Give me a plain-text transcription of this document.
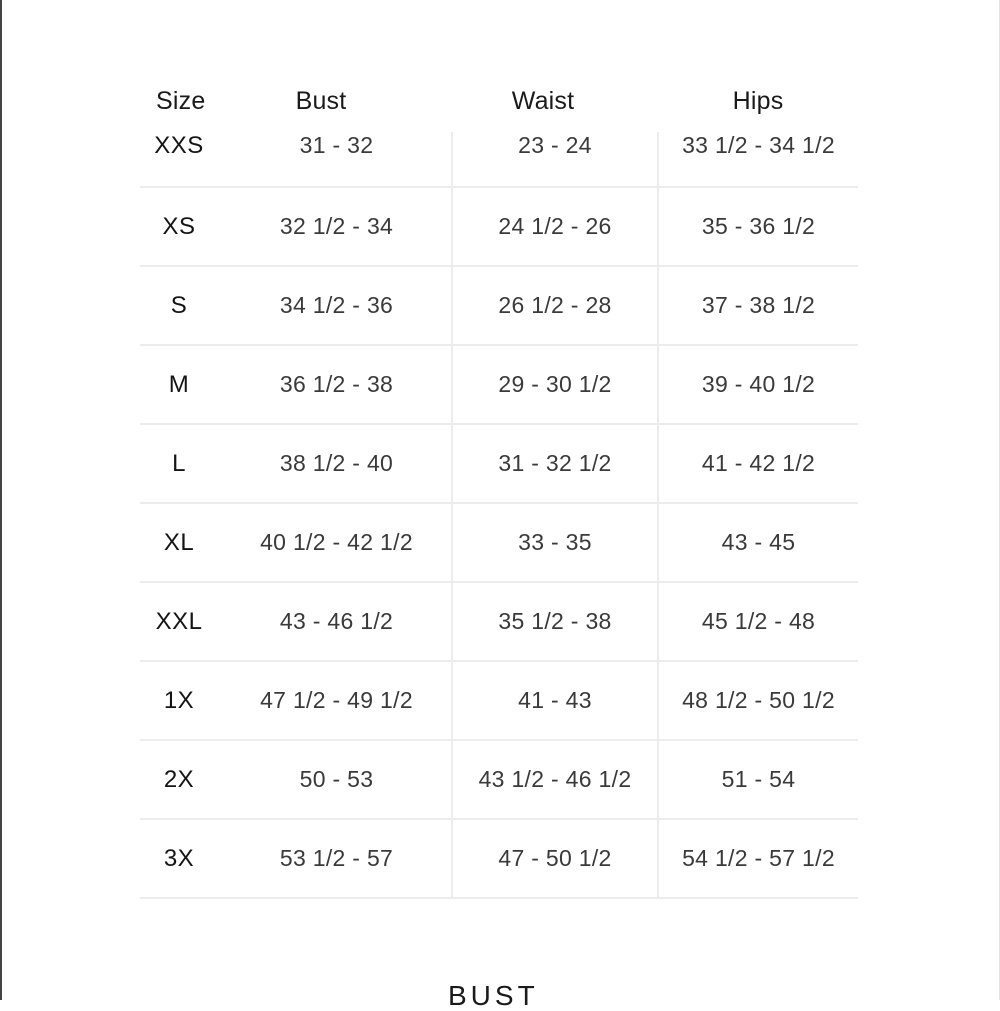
Size	Bust	Waist	Hips
XXS	31 - 32	23 - 24	33 1/2 - 34 1/2
XS	32 1/2 - 34	24 1/2 - 26	35 - 36 1/2
S	34 1/2 - 36	26 1/2 - 28	37 - 38 1/2
M	36 1/2 - 38	29 - 30 1/2	39 - 40 1/2
L	38 1/2 - 40	31 - 32 1/2	41 - 42 1/2
XL	40 1/2 - 42 1/2	33 - 35	43 - 45
XXL	43 - 46 1/2	35 1/2 - 38	45 1/2 - 48
1X	47 1/2 - 49 1/2	41 - 43	48 1/2 - 50 1/2
2X	50 - 53	43 1/2 - 46 1/2	51 - 54
3X	53 1/2 - 57	47 - 50 1/2	54 1/2 - 57 1/2
BUST
